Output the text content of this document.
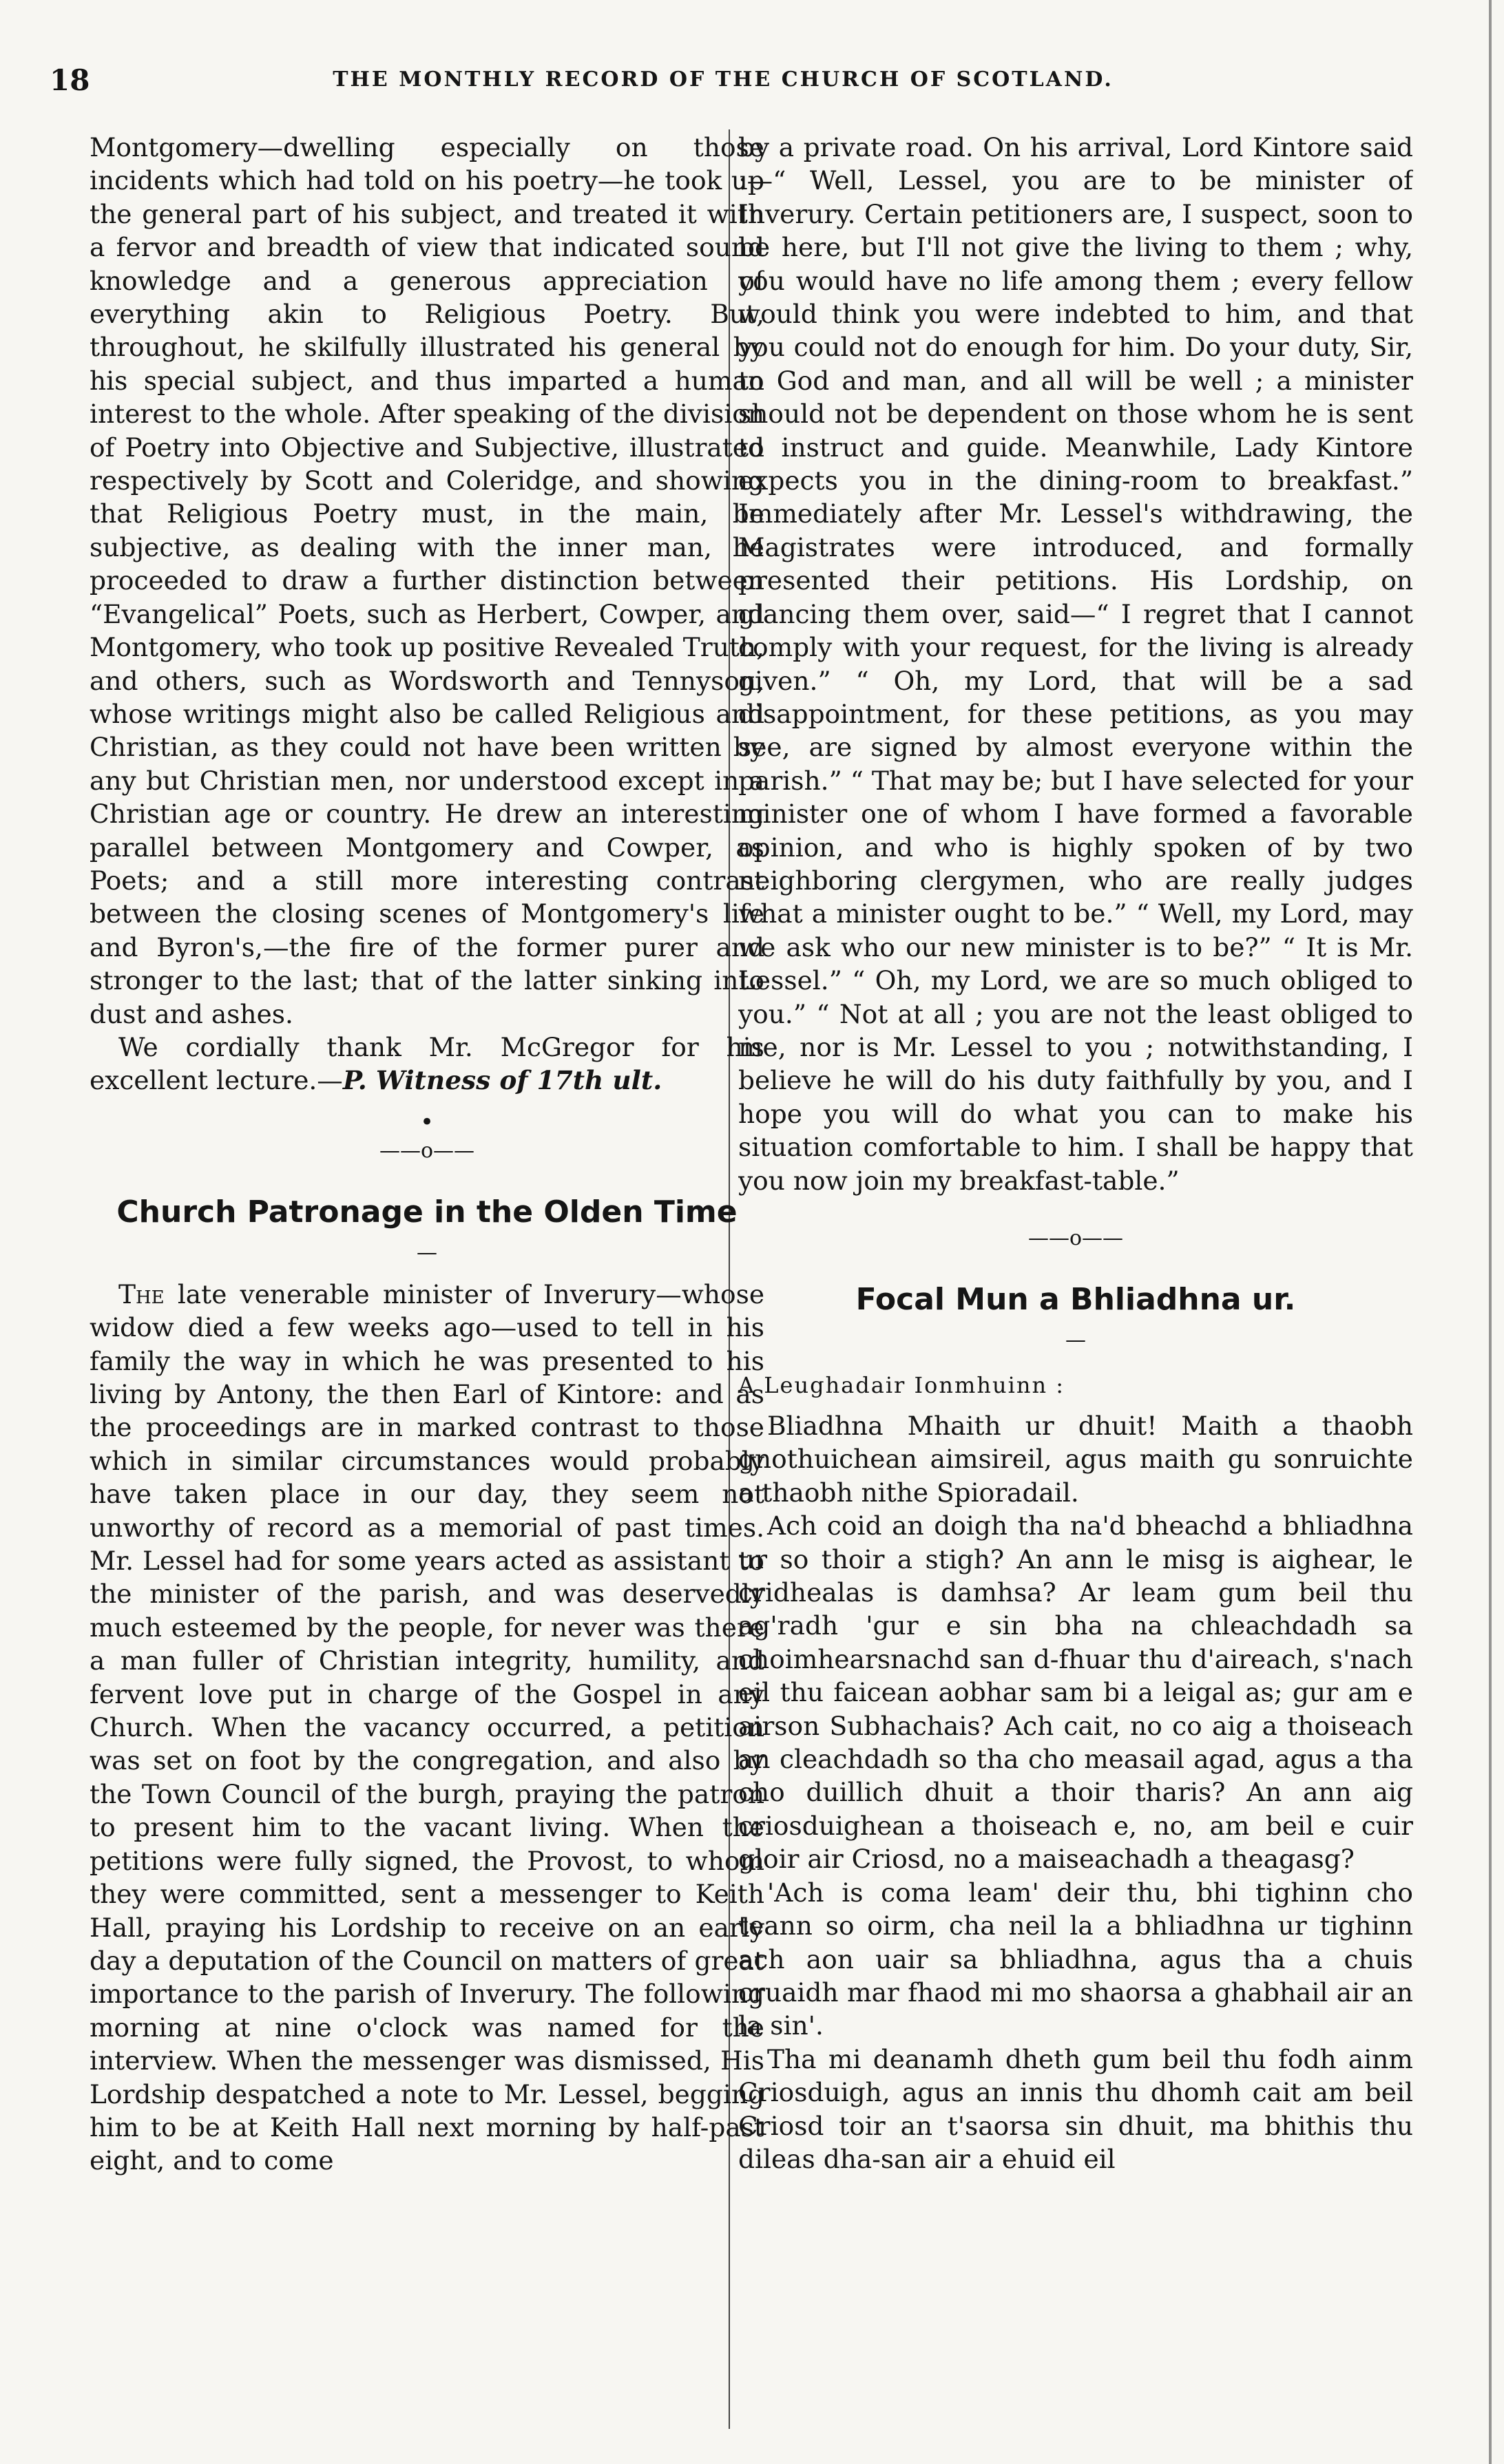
18	THE MONTHLY RECORD OF THE CHURCH OF SCOTLAND.

Montgomery—dwelling especially on those incidents which had told on his poetry—he took up the general part of his subject, and treated it with a fervor and breadth of view that indicated sound knowledge and a generous appreciation of everything akin to Religious Poetry. But, throughout, he skilfully illustrated his general by his special subject, and thus imparted a human interest to the whole. After speaking of the division of Poetry into Objective and Subjective, illustrated respectively by Scott and Coleridge, and showing that Religious Poetry must, in the main, be subjective, as dealing with the inner man, he proceeded to draw a further distinction between “Evangelical” Poets, such as Herbert, Cowper, and Montgomery, who took up positive Revealed Truth, and others, such as Wordsworth and Tennyson, whose writings might also be called Religious and Christian, as they could not have been written by any but Christian men, nor understood except in a Christian age or country. He drew an interesting parallel between Montgomery and Cowper, as Poets; and a still more interesting contrast between the closing scenes of Montgomery's life and Byron's,—the fire of the former purer and stronger to the last; that of the latter sinking into dust and ashes.

We cordially thank Mr. McGregor for his excellent lecture.—P. Witness of 17th ult.

•
——o——
Church Patronage in the Olden Time
—

The late venerable minister of Inverury—whose widow died a few weeks ago—used to tell in his family the way in which he was presented to his living by Antony, the then Earl of Kintore: and as the proceedings are in marked contrast to those which in similar circumstances would probably have taken place in our day, they seem not unworthy of record as a memorial of past times. Mr. Lessel had for some years acted as assistant to the minister of the parish, and was deservedly much esteemed by the people, for never was there a man fuller of Christian integrity, humility, and fervent love put in charge of the Gospel in any Church. When the vacancy occurred, a petition was set on foot by the congregation, and also by the Town Council of the burgh, praying the patron to present him to the vacant living. When the petitions were fully signed, the Provost, to whom they were committed, sent a messenger to Keith Hall, praying his Lordship to receive on an early day a deputation of the Council on matters of great importance to the parish of Inverury. The following morning at nine o'clock was named for the interview. When the messenger was dismissed, His Lordship despatched a note to Mr. Lessel, begging him to be at Keith Hall next morning by half-past eight, and to come

by a private road. On his arrival, Lord Kintore said :—“ Well, Lessel, you are to be minister of Inverury. Certain petitioners are, I suspect, soon to be here, but I'll not give the living to them ; why, you would have no life among them ; every fellow would think you were indebted to him, and that you could not do enough for him. Do your duty, Sir, to God and man, and all will be well ; a minister should not be dependent on those whom he is sent to instruct and guide. Meanwhile, Lady Kintore expects you in the dining-room to breakfast.” Immediately after Mr. Lessel's withdrawing, the Magistrates were introduced, and formally presented their petitions. His Lordship, on glancing them over, said—“ I regret that I cannot comply with your request, for the living is already given.” “ Oh, my Lord, that will be a sad disappointment, for these petitions, as you may see, are signed by almost everyone within the parish.” “ That may be; but I have selected for your minister one of whom I have formed a favorable opinion, and who is highly spoken of by two neighboring clergymen, who are really judges what a minister ought to be.” “ Well, my Lord, may we ask who our new minister is to be?” “ It is Mr. Lessel.” “ Oh, my Lord, we are so much obliged to you.” “ Not at all ; you are not the least obliged to me, nor is Mr. Lessel to you ; notwithstanding, I believe he will do his duty faithfully by you, and I hope you will do what you can to make his situation comfortable to him. I shall be happy that you now join my breakfast-table.”

——o——
Focal Mun a Bhliadhna ur.
—
A Leughadair Ionmhuinn :

Bliadhna Mhaith ur dhuit! Maith a thaobh gnothuichean aimsireil, agus maith gu sonruichte a thaobh nithe Spioradail.

Ach coid an doigh tha na'd bheachd a bhliadhna ur so thoir a stigh? An ann le misg is aighear, le cridhealas is damhsa? Ar leam gum beil thu ag'radh 'gur e sin bha na chleachdadh sa choimhearsnachd san d-fhuar thu d'aireach, s'nach eil thu faicean aobhar sam bi a leigal as; gur am e airson Subhachais? Ach cait, no co aig a thoiseach an cleachdadh so tha cho measail agad, agus a tha cho duillich dhuit a thoir tharis? An ann aig criosduighean a thoiseach e, no, am beil e cuir gloir air Criosd, no a maiseachadh a theagasg?

'Ach is coma leam' deir thu, bhi tighinn cho teann so oirm, cha neil la a bhliadhna ur tighinn ach aon uair sa bhliadhna, agus tha a chuis cruaidh mar fhaod mi mo shaorsa a ghabhail air an la sin'.

Tha mi deanamh dheth gum beil thu fodh ainm Criosduigh, agus an innis thu dhomh cait am beil Criosd toir an t'saorsa sin dhuit, ma bhithis thu dileas dha-san air a ehuid eil
